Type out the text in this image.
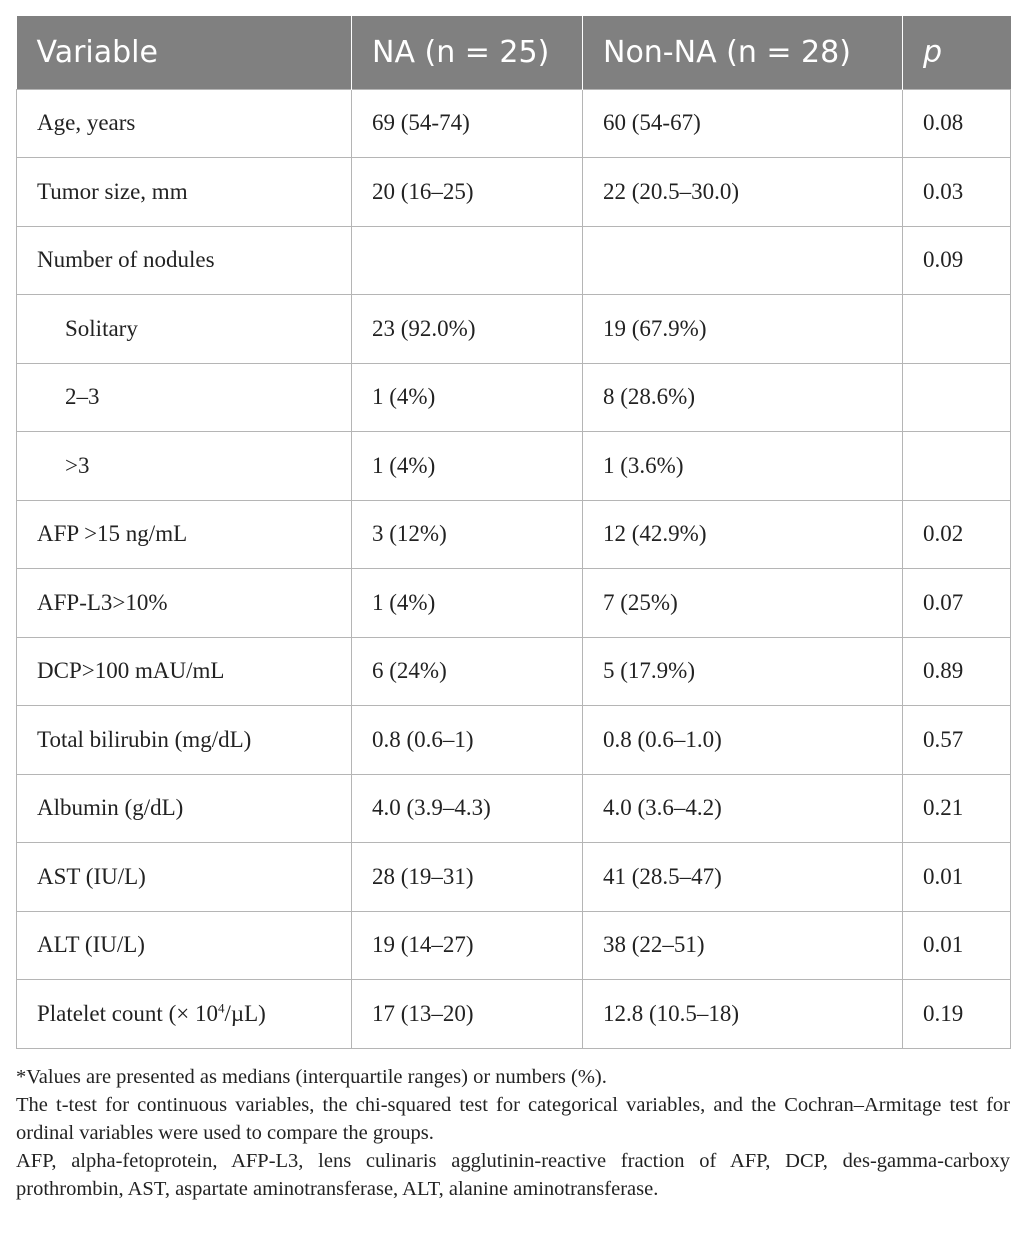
Variable	NA (n = 25)	Non-NA (n = 28)	p
Age, years	69 (54-74)	60 (54-67)	0.08
Tumor size, mm	20 (16–25)	22 (20.5–30.0)	0.03
Number of nodules			0.09
Solitary	23 (92.0%)	19 (67.9%)	
2–3	1 (4%)	8 (28.6%)	
>3	1 (4%)	1 (3.6%)	
AFP >15 ng/mL	3 (12%)	12 (42.9%)	0.02
AFP-L3>10%	1 (4%)	7 (25%)	0.07
DCP>100 mAU/mL	6 (24%)	5 (17.9%)	0.89
Total bilirubin (mg/dL)	0.8 (0.6–1)	0.8 (0.6–1.0)	0.57
Albumin (g/dL)	4.0 (3.9–4.3)	4.0 (3.6–4.2)	0.21
AST (IU/L)	28 (19–31)	41 (28.5–47)	0.01
ALT (IU/L)	19 (14–27)	38 (22–51)	0.01
Platelet count (× $10^4/\mu L$)	17 (13–20)	12.8 (10.5–18)	0.19

*Values are presented as medians (interquartile ranges) or numbers (%).

The t-test for continuous variables, the chi-squared test for categorical variables, and the Cochran–Armitage test for ordinal variables were used to compare the groups.

AFP, alpha-fetoprotein, AFP-L3, lens culinaris agglutinin-reactive fraction of AFP, DCP, des-gamma-carboxy prothrombin, AST, aspartate aminotransferase, ALT, alanine aminotransferase.
